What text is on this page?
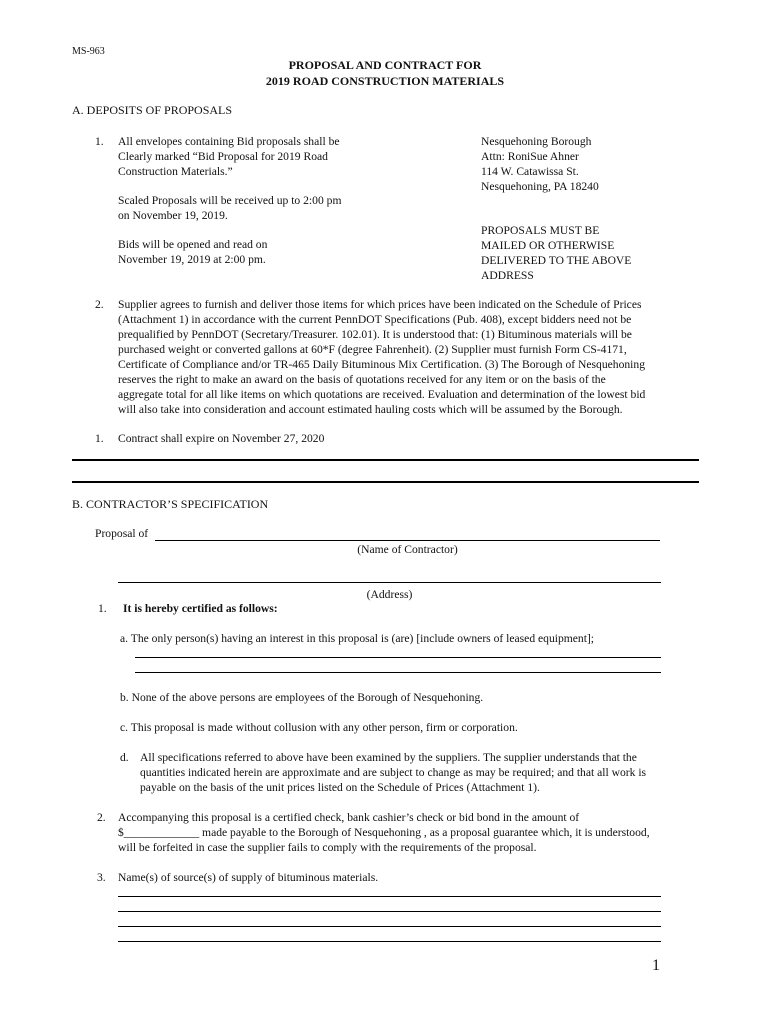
MS-963
PROPOSAL AND CONTRACT FOR
2019 ROAD CONSTRUCTION MATERIALS
A. DEPOSITS OF PROPOSALS
1. All envelopes containing Bid proposals shall be
Clearly marked “Bid Proposal for 2019 Road
Construction Materials.”
Scaled Proposals will be received up to 2:00 pm
on November 19, 2019.
Bids will be opened and read on
November 19, 2019 at 2:00 pm.
Nesquehoning Borough
Attn: RoniSue Ahner
114 W. Catawissa St.
Nesquehoning, PA 18240
PROPOSALS MUST BE
MAILED OR OTHERWISE
DELIVERED TO THE ABOVE
ADDRESS
2. Supplier agrees to furnish and deliver those items for which prices have been indicated on the Schedule of Prices
(Attachment 1) in accordance with the current PennDOT Specifications (Pub. 408), except bidders need not be
prequalified by PennDOT (Secretary/Treasurer. 102.01). It is understood that: (1) Bituminous materials will be
purchased weight or converted gallons at 60*F (degree Fahrenheit). (2) Supplier must furnish Form CS-4171,
Certificate of Compliance and/or TR-465 Daily Bituminous Mix Certification. (3) The Borough of Nesquehoning
reserves the right to make an award on the basis of quotations received for any item or on the basis of the
aggregate total for all like items on which quotations are received. Evaluation and determination of the lowest bid
will also take into consideration and account estimated hauling costs which will be assumed by the Borough.
1. Contract shall expire on November 27, 2020
B. CONTRACTOR’S SPECIFICATION
Proposal of
(Name of Contractor)
(Address)
1. It is hereby certified as follows:
a. The only person(s) having an interest in this proposal is (are) [include owners of leased equipment];
b. None of the above persons are employees of the Borough of Nesquehoning.
c. This proposal is made without collusion with any other person, firm or corporation.
d. All specifications referred to above have been examined by the suppliers. The supplier understands that the
quantities indicated herein are approximate and are subject to change as may be required; and that all work is
payable on the basis of the unit prices listed on the Schedule of Prices (Attachment 1).
2. Accompanying this proposal is a certified check, bank cashier’s check or bid bond in the amount of
$_____________ made payable to the Borough of Nesquehoning , as a proposal guarantee which, it is understood,
will be forfeited in case the supplier fails to comply with the requirements of the proposal.
3. Name(s) of source(s) of supply of bituminous materials.
1
